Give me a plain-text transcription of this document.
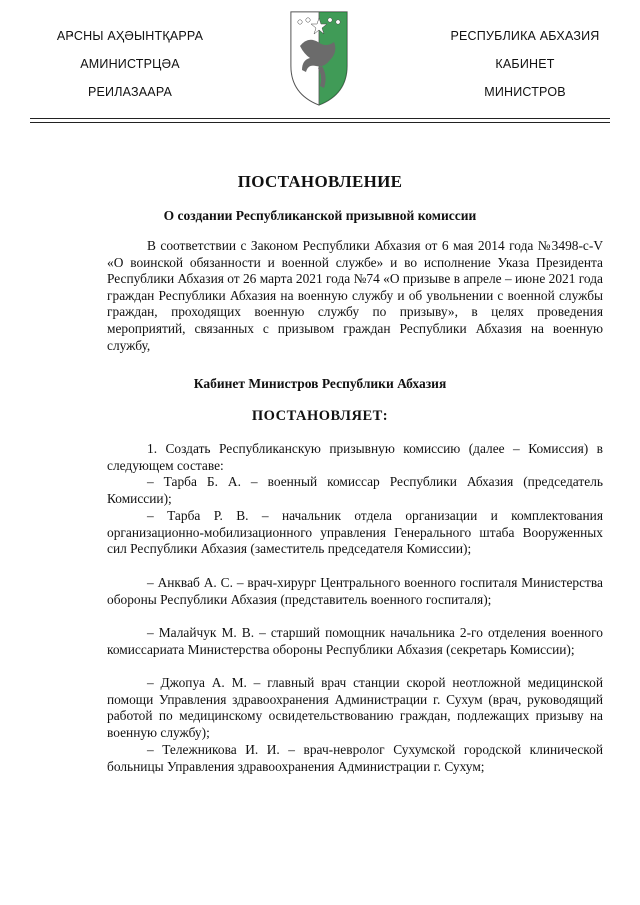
АҎСНЫ АҲӘЫНТҚАРРА
АМИНИСТРЦӘА
РЕИЛАЗААРА
РЕСПУБЛИКА АБХАЗИЯ
КАБИНЕТ
МИНИСТРОВ
ПОСТАНОВЛЕНИЕ
О создании Республиканской призывной комиссии

В соответствии с Законом Республики Абхазия от 6 мая 2014 года №3498-с-V «О воинской обязанности и военной службе» и во исполнение Указа Президента Республики Абхазия от 26 марта 2021 года №74 «О призыве в апреле – июне 2021 года граждан Республики Абхазия на военную службу и об увольнении с военной службы граждан, проходящих военную службу по призыву», в целях проведения мероприятий, связанных с призывом граждан Республики Абхазия на военную службу,

Кабинет Министров Республики Абхазия
ПОСТАНОВЛЯЕТ:

1. Создать Республиканскую призывную комиссию (далее – Комиссия) в следующем составе:

– Тарба Б. А. – военный комиссар Республики Абхазия (председатель Комиссии);

– Тарба Р. В. – начальник отдела организации и комплектования организационно-мобилизационного управления Генерального штаба Вооруженных сил Республики Абхазия (заместитель председателя Комиссии);

– Анкваб А. С. – врач-хирург Центрального военного госпиталя Министерства обороны Республики Абхазия (представитель военного госпиталя);

– Малайчук М. В. – старший помощник начальника 2-го отделения военного комиссариата Министерства обороны Республики Абхазия (секретарь Комиссии);

– Джопуа А. М. – главный врач станции скорой неотложной медицинской помощи Управления здравоохранения Администрации г. Сухум (врач, руководящий работой по медицинскому освидетельствованию граждан, подлежащих призыву на военную службу);

– Тележникова И. И. – врач-невролог Сухумской городской клинической больницы Управления здравоохранения Администрации г. Сухум;
